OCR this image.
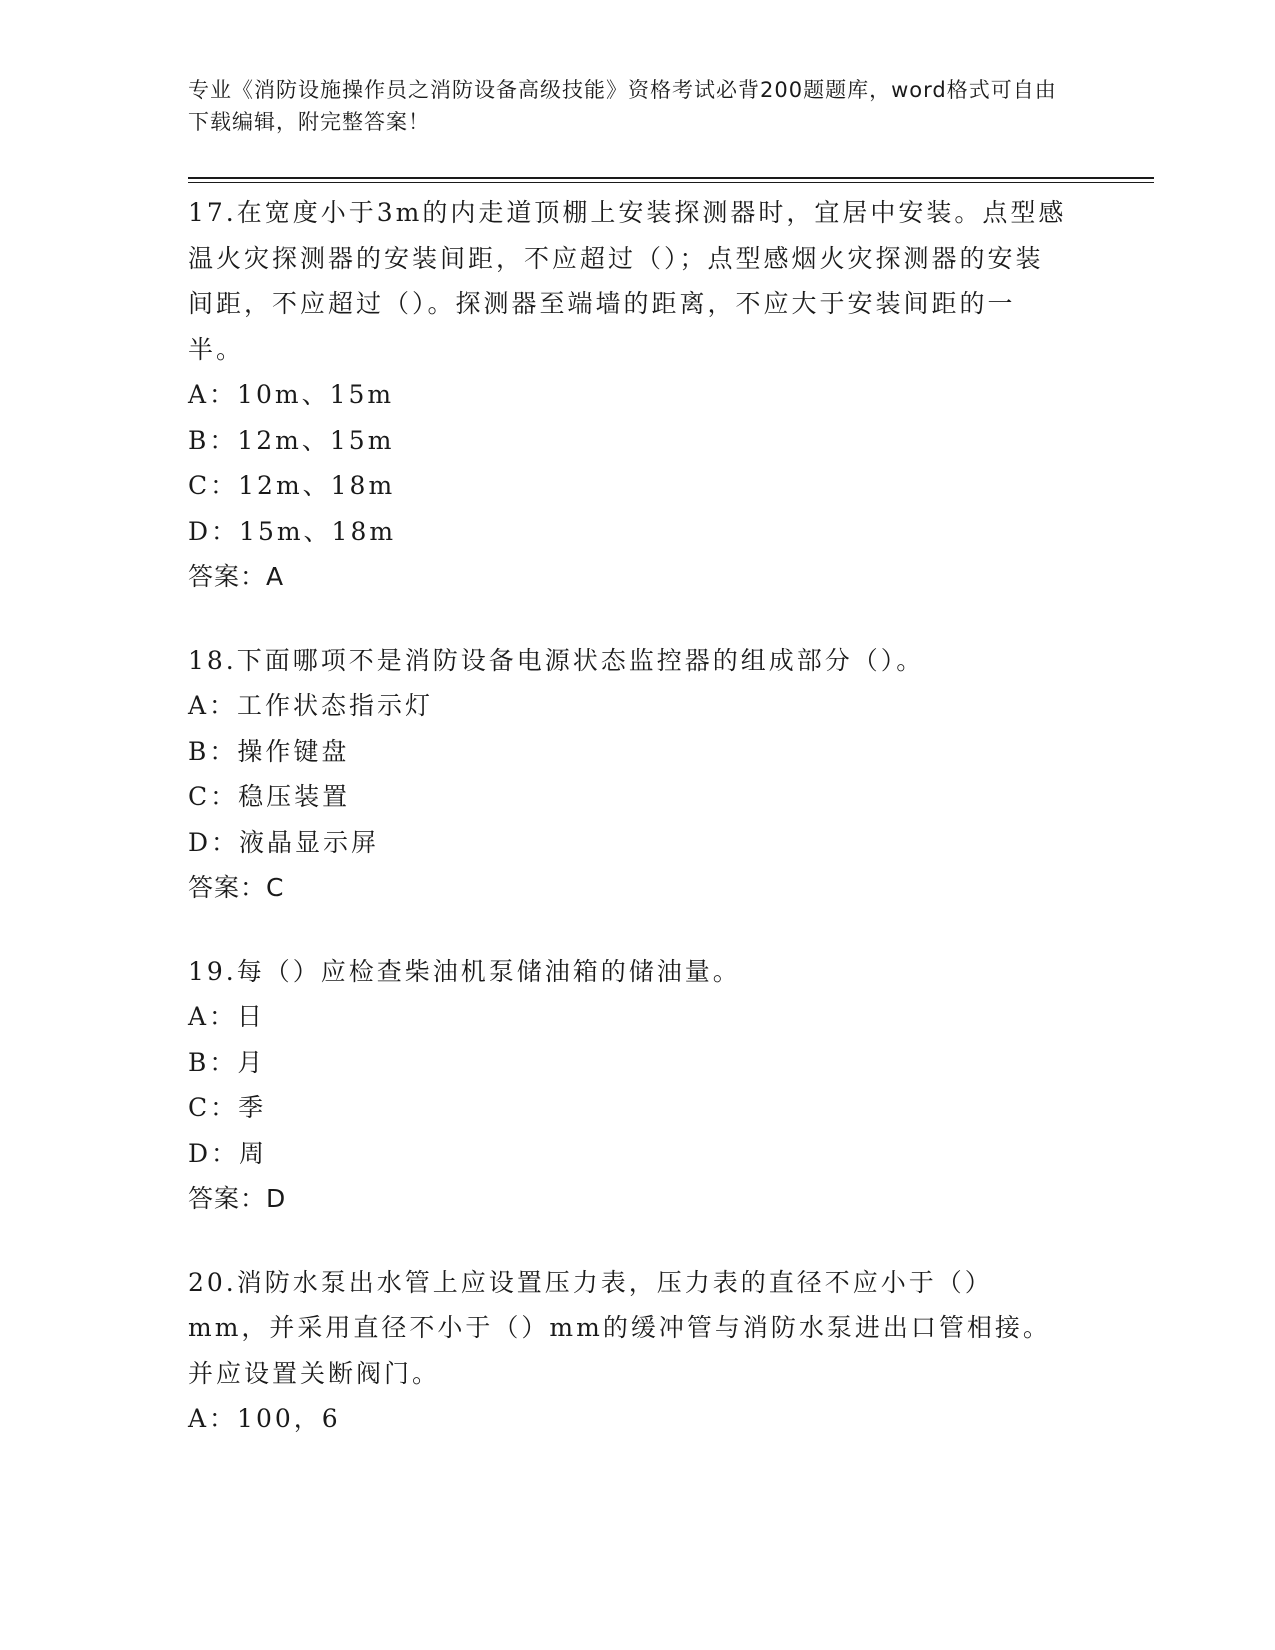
专业《消防设施操作员之消防设备高级技能》资格考试必背200题题库，word格式可自由下载编辑，附完整答案！

17.在宽度小于3m的内走道顶棚上安装探测器时，宜居中安装。点型感温火灾探测器的安装间距，不应超过（）；点型感烟火灾探测器的安装间距，不应超过（）。探测器至端墙的距离，不应大于安装间距的一半。

A：10m、15m

B：12m、15m

C：12m、18m

D：15m、18m

答案：A

18.下面哪项不是消防设备电源状态监控器的组成部分（）。

A：工作状态指示灯

B：操作键盘

C：稳压装置

D：液晶显示屏

答案：C

19.每（）应检查柴油机泵储油箱的储油量。

A：日

B：月

C：季

D：周

答案：D

20.消防水泵出水管上应设置压力表，压力表的直径不应小于（）mm，并采用直径不小于（）mm的缓冲管与消防水泵进出口管相接。并应设置关断阀门。

A：100，6
